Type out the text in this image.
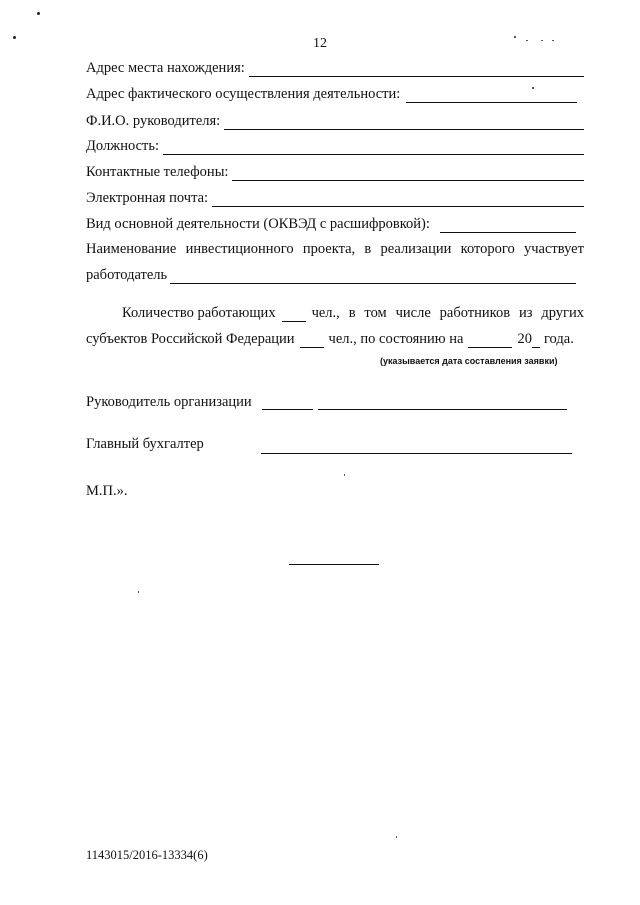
12
Адрес места нахождения:
Адрес фактического осуществления деятельности:
Ф.И.О. руководителя:
Должность:
Контактные телефоны:
Электронная почта:
Вид основной деятельности (ОКВЭД с расшифровкой):
Наименование инвестиционного проекта, в реализации которого участвует
работодатель
Количество работающих чел., в том числе работников из других
субъектов Российской Федерации чел., по состоянию на	20 года.
(указывается дата составления заявки)
Руководитель организации
Главный бухгалтер
М.П.».
1143015/2016-13334(6)
